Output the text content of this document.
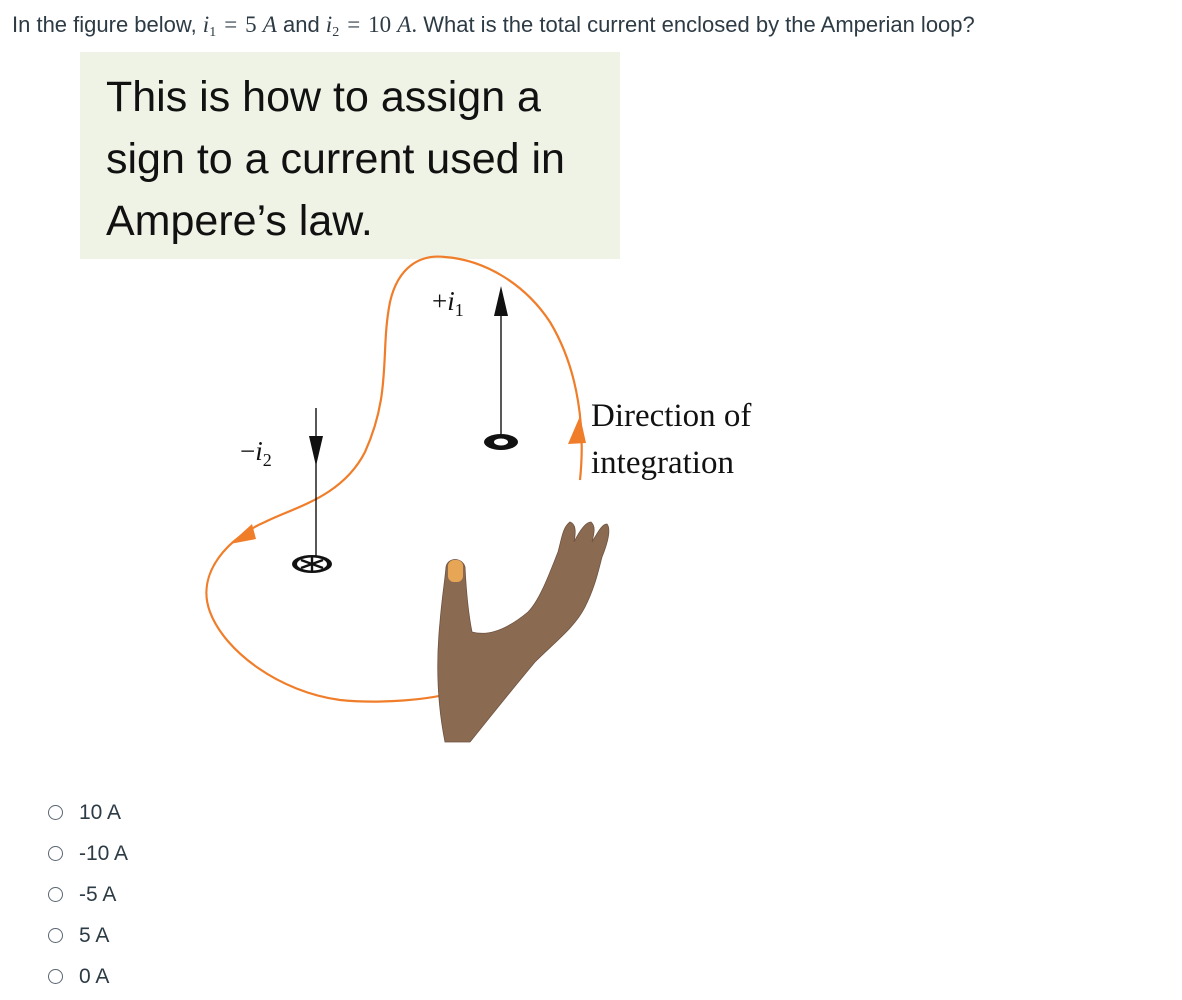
In the figure below, $i_1 = 5$ A and $i_2 = 10$ A. What is the total current enclosed by the Amperian loop?
This is how to assign a
sign to a current used in
Ampere’s law.
$+i_1$
$-i_2$
Direction of
integration
10 A
-10 A
-5 A
5 A
0 A
